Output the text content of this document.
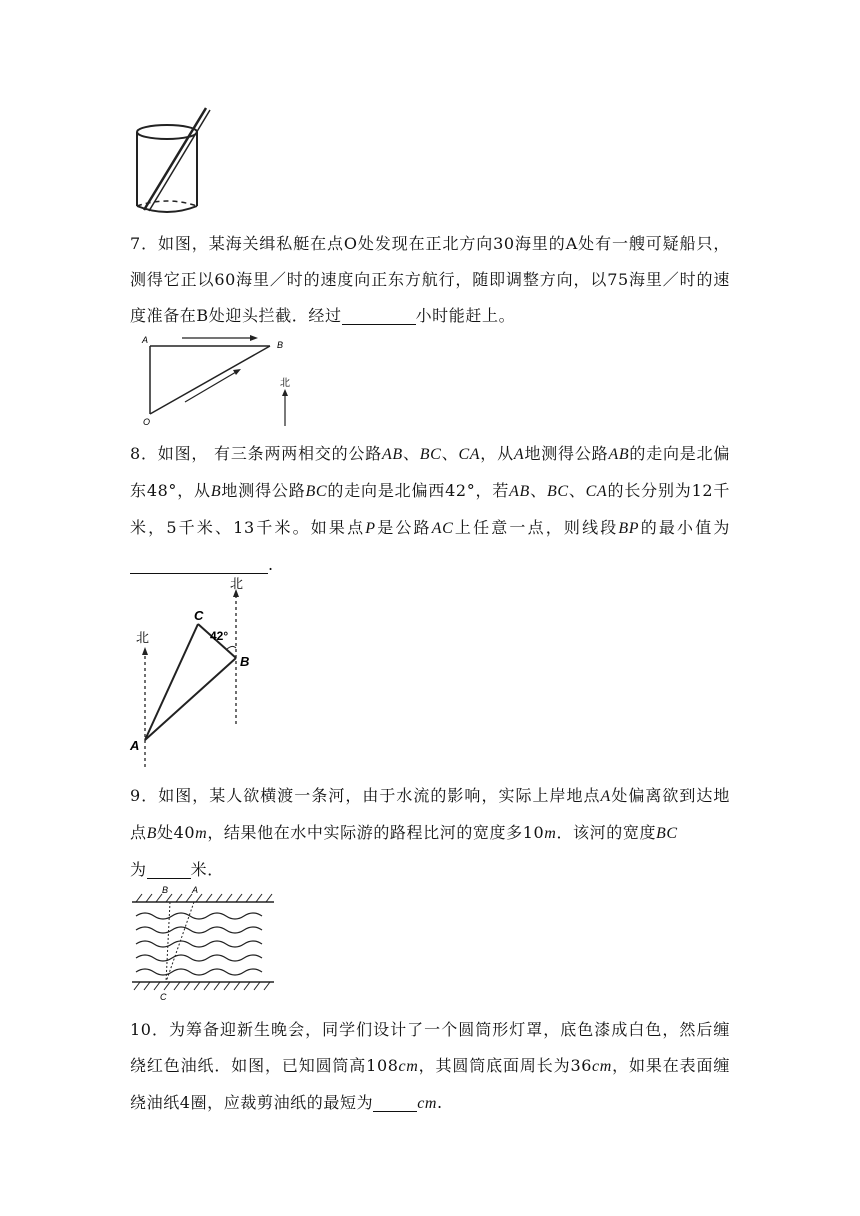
7．如图，某海关缉私艇在点O处发现在正北方向30海里的A处有一艘可疑船只，测得它正以60海里／时的速度向正东方航行，随即调整方向，以75海里／时的速度准备在B处迎头拦截．经过	小时能赶上。
A	B
O
北
8．如图， 有三条两两相交的公路AB、BC、CA，从A地测得公路AB的走向是北偏东48°，从B地测得公路BC的走向是北偏西42°，若AB、BC、CA的长分别为12千米，5千米、13千米。如果点P是公路AC上任意一点，则线段BP的最小值为.
北
北
C
42°
B
A
9．如图，某人欲横渡一条河，由于水流的影响，实际上岸地点A处偏离欲到达地点B处40m，结果他在水中实际游的路程比河的宽度多10m．该河的宽度BC
为	米．
B	A
C
10．为筹备迎新生晚会，同学们设计了一个圆筒形灯罩，底色漆成白色，然后缠绕红色油纸．如图，已知圆筒高108cm，其圆筒底面周长为36cm，如果在表面缠绕油纸4圈，应裁剪油纸的最短为	cm.
